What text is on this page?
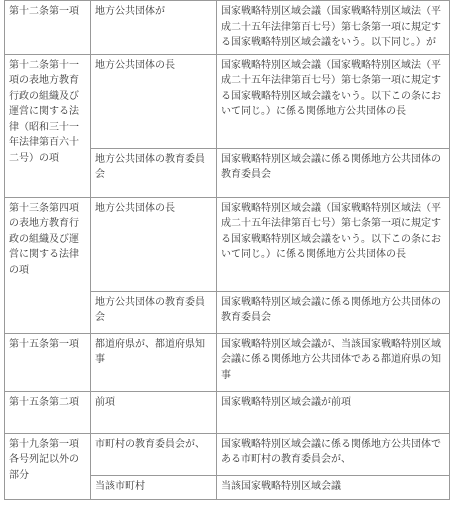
第十二条第一項	地方公共団体が	国家戦略特別区域会議（国家戦略特別区域法（平成二十五年法律第百七号）第七条第一項に規定する国家戦略特別区域会議をいう。以下同じ。）が
第十二条第十一項の表地方教育行政の組織及び運営に関する法律（昭和三十一年法律第百六十二号）の項	地方公共団体の長	国家戦略特別区域会議（国家戦略特別区域法（平成二十五年法律第百七号）第七条第一項に規定する国家戦略特別区域会議をいう。以下この条において同じ。）に係る関係地方公共団体の長
	地方公共団体の教育委員会	国家戦略特別区域会議に係る関係地方公共団体の教育委員会
第十三条第四項の表地方教育行政の組織及び運営に関する法律の項	地方公共団体の長	国家戦略特別区域会議（国家戦略特別区域法（平成二十五年法律第百七号）第七条第一項に規定する国家戦略特別区域会議をいう。以下この条において同じ。）に係る関係地方公共団体の長
	地方公共団体の教育委員会	国家戦略特別区域会議に係る関係地方公共団体の教育委員会
第十五条第一項	都道府県が、都道府県知事	国家戦略特別区域会議が、当該国家戦略特別区域会議に係る関係地方公共団体である都道府県の知事
第十五条第二項	前項	国家戦略特別区域会議が前項
第十九条第一項各号列記以外の部分	市町村の教育委員会が、	国家戦略特別区域会議に係る関係地方公共団体である市町村の教育委員会が、
	当該市町村	当該国家戦略特別区域会議
